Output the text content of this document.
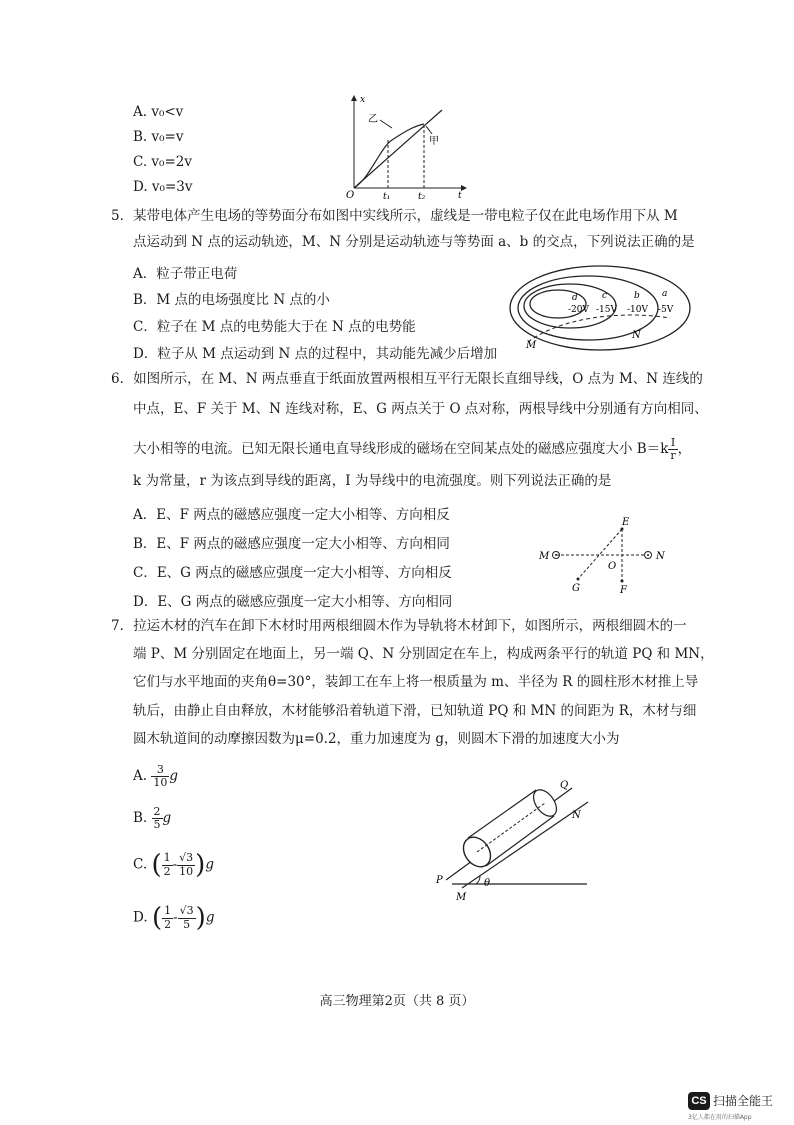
A. v₀<v
B. v₀=v
C. v₀=2v
D. v₀=3v
x
t
O	t₁	t₂
乙
甲
5．某带电体产生电场的等势面分布如图中实线所示，虚线是一带电粒子仅在此电场作用下从 M
点运动到 N 点的运动轨迹，M、N 分别是运动轨迹与等势面 a、b 的交点，下列说法正确的是
A．粒子带正电荷
B．M 点的电场强度比 N 点的小
C．粒子在 M 点的电势能大于在 N 点的电势能
D．粒子从 M 点运动到 N 点的过程中，其动能先减少后增加
d	c	b a
-20V -15V -10V -5V
M
N
6．如图所示，在 M、N 两点垂直于纸面放置两根相互平行无限长直细导线，O 点为 M、N 连线的
中点，E、F 关于 M、N 连线对称，E、G 两点关于 O 点对称，两根导线中分别通有方向相同、
大小相等的电流。已知无限长通电直导线形成的磁场在空间某点处的磁感应强度大小 $B=k \frac{I}{r}$ ，
k 为常量，r 为该点到导线的距离，I 为导线中的电流强度。则下列说法正确的是
A．E、F 两点的磁感应强度一定大小相等、方向相反
B．E、F 两点的磁感应强度一定大小相等、方向相同
C．E、G 两点的磁感应强度一定大小相等、方向相反
D．E、G 两点的磁感应强度一定大小相等、方向相同
E
F
G
O
M	N
7．拉运木材的汽车在卸下木材时用两根细圆木作为导轨将木材卸下，如图所示，两根细圆木的一
端 P、M 分别固定在地面上，另一端 Q、N 分别固定在车上，构成两条平行的轨道 PQ 和 MN，
它们与水平地面的夹角θ=30°，装卸工在车上将一根质量为 m、半径为 R 的圆柱形木材推上导
轨后，由静止自由释放，木材能够沿着轨道下滑，已知轨道 PQ 和 MN 的间距为 R，木材与细
圆木轨道间的动摩擦因数为μ=0.2，重力加速度为 g，则圆木下滑的加速度大小为
A. $\frac{3}{10}$ g
B. $\frac{2}{5}$ g
C. ( $\frac{1}{2} - \frac{√3}{10} )g$
D. ( $\frac{1}{2} - \frac{√3}{5} )g$
P
Q
M
N
θ
高三物理第2页（共 8 页）
CS 扫描全能王
3亿人都在用的扫描App
